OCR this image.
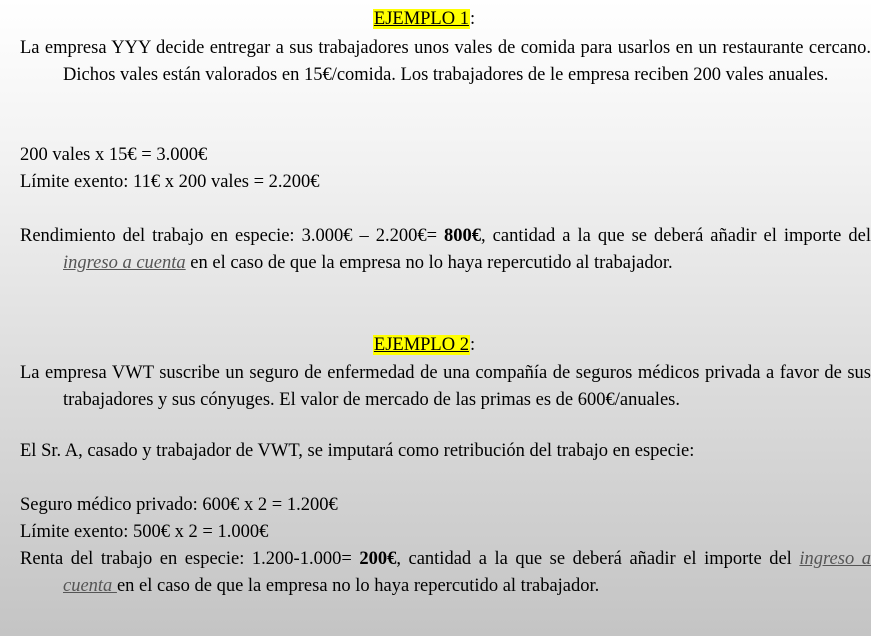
EJEMPLO 1:
La empresa YYY decide entregar a sus trabajadores unos vales de comida para usarlos en un restaurante cercano. Dichos vales están valorados en 15€/comida. Los trabajadores de le empresa reciben 200 vales anuales.
200 vales x 15€ = 3.000€
Límite exento: 11€ x 200 vales = 2.200€
Rendimiento del trabajo en especie: 3.000€ – 2.200€= 800€, cantidad a la que se deberá añadir el importe del ingreso a cuenta en el caso de que la empresa no lo haya repercutido al trabajador.
EJEMPLO 2:
La empresa VWT suscribe un seguro de enfermedad de una compañía de seguros médicos privada a favor de sus trabajadores y sus cónyuges. El valor de mercado de las primas es de 600€/anuales.
El Sr. A, casado y trabajador de VWT, se imputará como retribución del trabajo en especie:
Seguro médico privado: 600€ x 2 = 1.200€
Límite exento: 500€ x 2 = 1.000€
Renta del trabajo en especie: 1.200-1.000= 200€, cantidad a la que se deberá añadir el importe del ingreso a cuenta en el caso de que la empresa no lo haya repercutido al trabajador.
